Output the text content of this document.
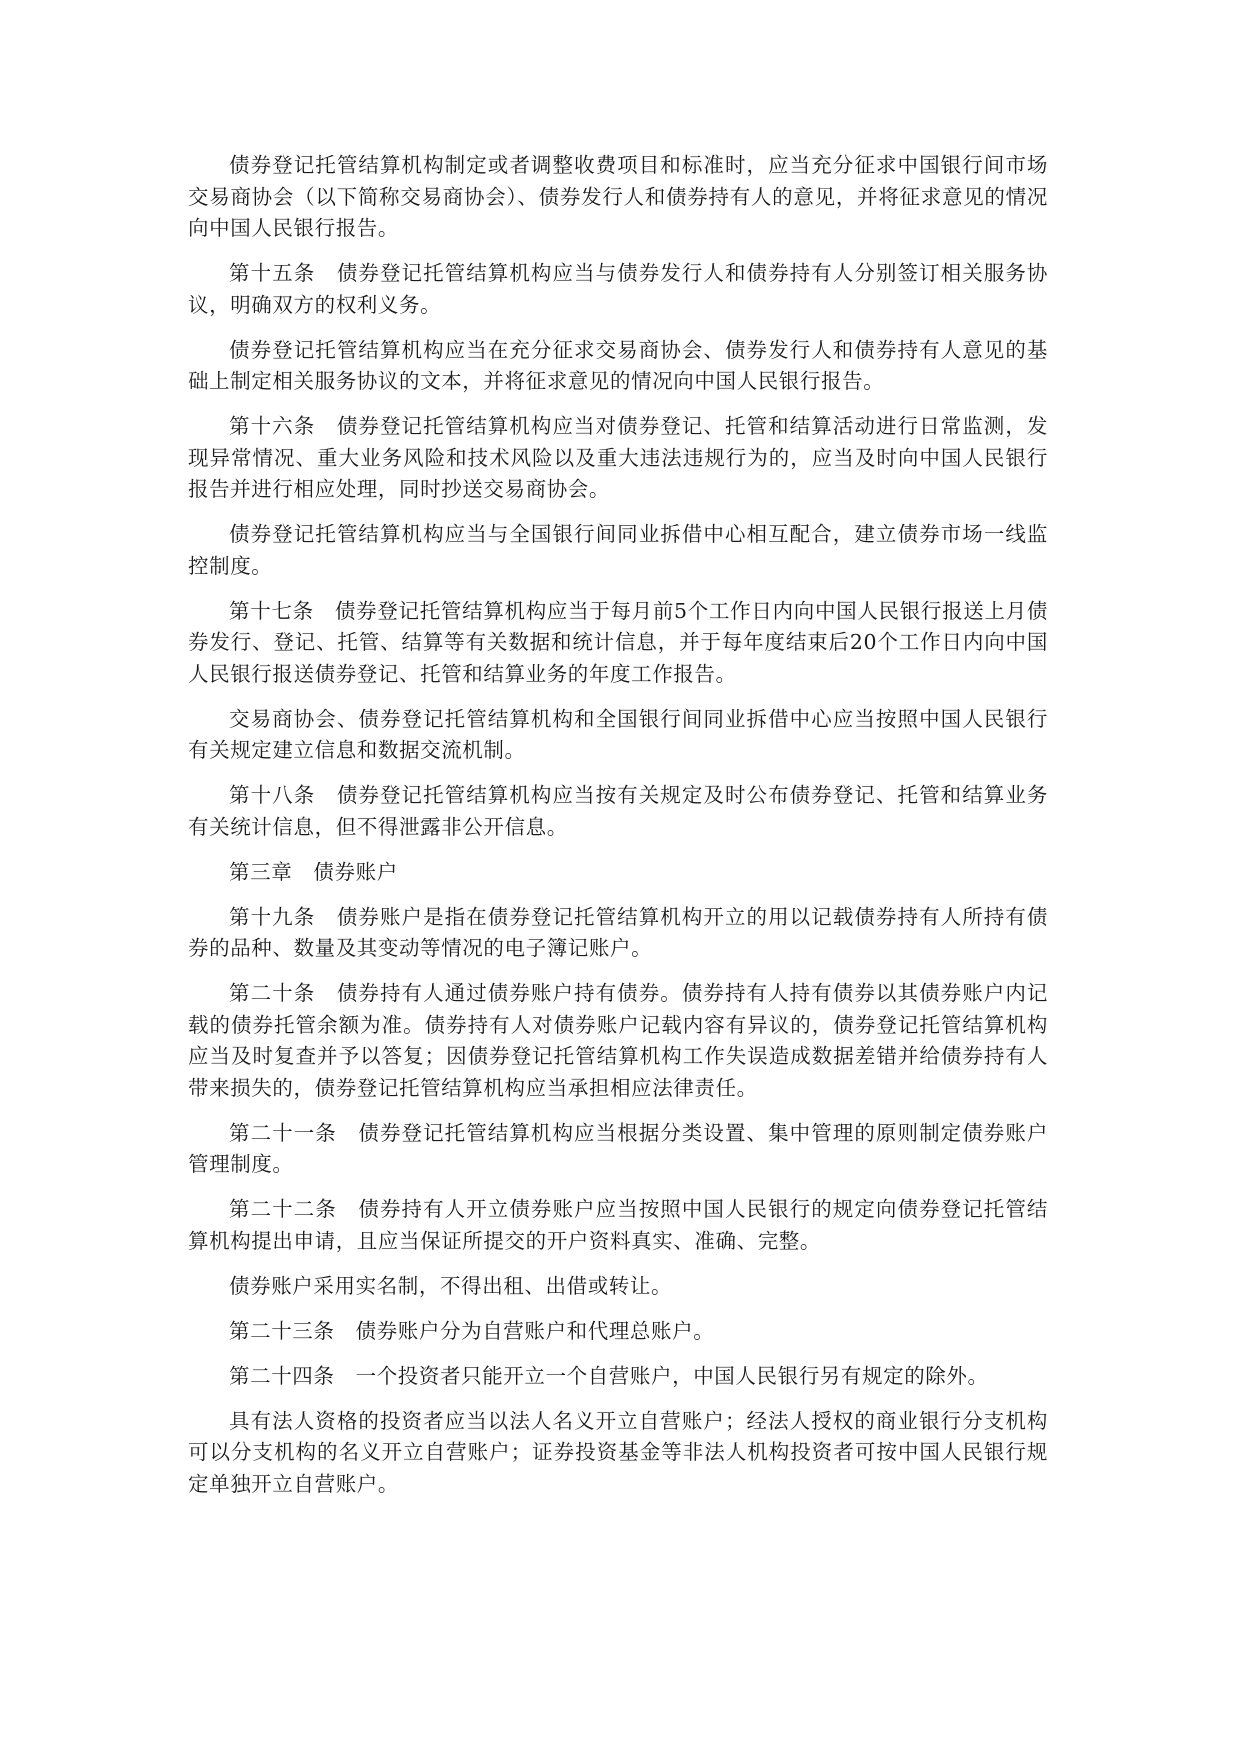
债券登记托管结算机构制定或者调整收费项目和标准时，应当充分征求中国银行间市场交易商协会（以下简称交易商协会）、债券发行人和债券持有人的意见，并将征求意见的情况向中国人民银行报告。

第十五条　债券登记托管结算机构应当与债券发行人和债券持有人分别签订相关服务协议，明确双方的权利义务。

债券登记托管结算机构应当在充分征求交易商协会、债券发行人和债券持有人意见的基础上制定相关服务协议的文本，并将征求意见的情况向中国人民银行报告。

第十六条　债券登记托管结算机构应当对债券登记、托管和结算活动进行日常监测，发现异常情况、重大业务风险和技术风险以及重大违法违规行为的，应当及时向中国人民银行报告并进行相应处理，同时抄送交易商协会。

债券登记托管结算机构应当与全国银行间同业拆借中心相互配合，建立债券市场一线监控制度。

第十七条　债券登记托管结算机构应当于每月前5个工作日内向中国人民银行报送上月债券发行、登记、托管、结算等有关数据和统计信息，并于每年度结束后20个工作日内向中国人民银行报送债券登记、托管和结算业务的年度工作报告。

交易商协会、债券登记托管结算机构和全国银行间同业拆借中心应当按照中国人民银行有关规定建立信息和数据交流机制。

第十八条　债券登记托管结算机构应当按有关规定及时公布债券登记、托管和结算业务有关统计信息，但不得泄露非公开信息。

第三章　债券账户

第十九条　债券账户是指在债券登记托管结算机构开立的用以记载债券持有人所持有债券的品种、数量及其变动等情况的电子簿记账户。

第二十条　债券持有人通过债券账户持有债券。债券持有人持有债券以其债券账户内记载的债券托管余额为准。债券持有人对债券账户记载内容有异议的，债券登记托管结算机构应当及时复查并予以答复；因债券登记托管结算机构工作失误造成数据差错并给债券持有人带来损失的，债券登记托管结算机构应当承担相应法律责任。

第二十一条　债券登记托管结算机构应当根据分类设置、集中管理的原则制定债券账户管理制度。

第二十二条　债券持有人开立债券账户应当按照中国人民银行的规定向债券登记托管结算机构提出申请，且应当保证所提交的开户资料真实、准确、完整。

债券账户采用实名制，不得出租、出借或转让。

第二十三条　债券账户分为自营账户和代理总账户。

第二十四条　一个投资者只能开立一个自营账户，中国人民银行另有规定的除外。

具有法人资格的投资者应当以法人名义开立自营账户；经法人授权的商业银行分支机构可以分支机构的名义开立自营账户；证券投资基金等非法人机构投资者可按中国人民银行规定单独开立自营账户。
